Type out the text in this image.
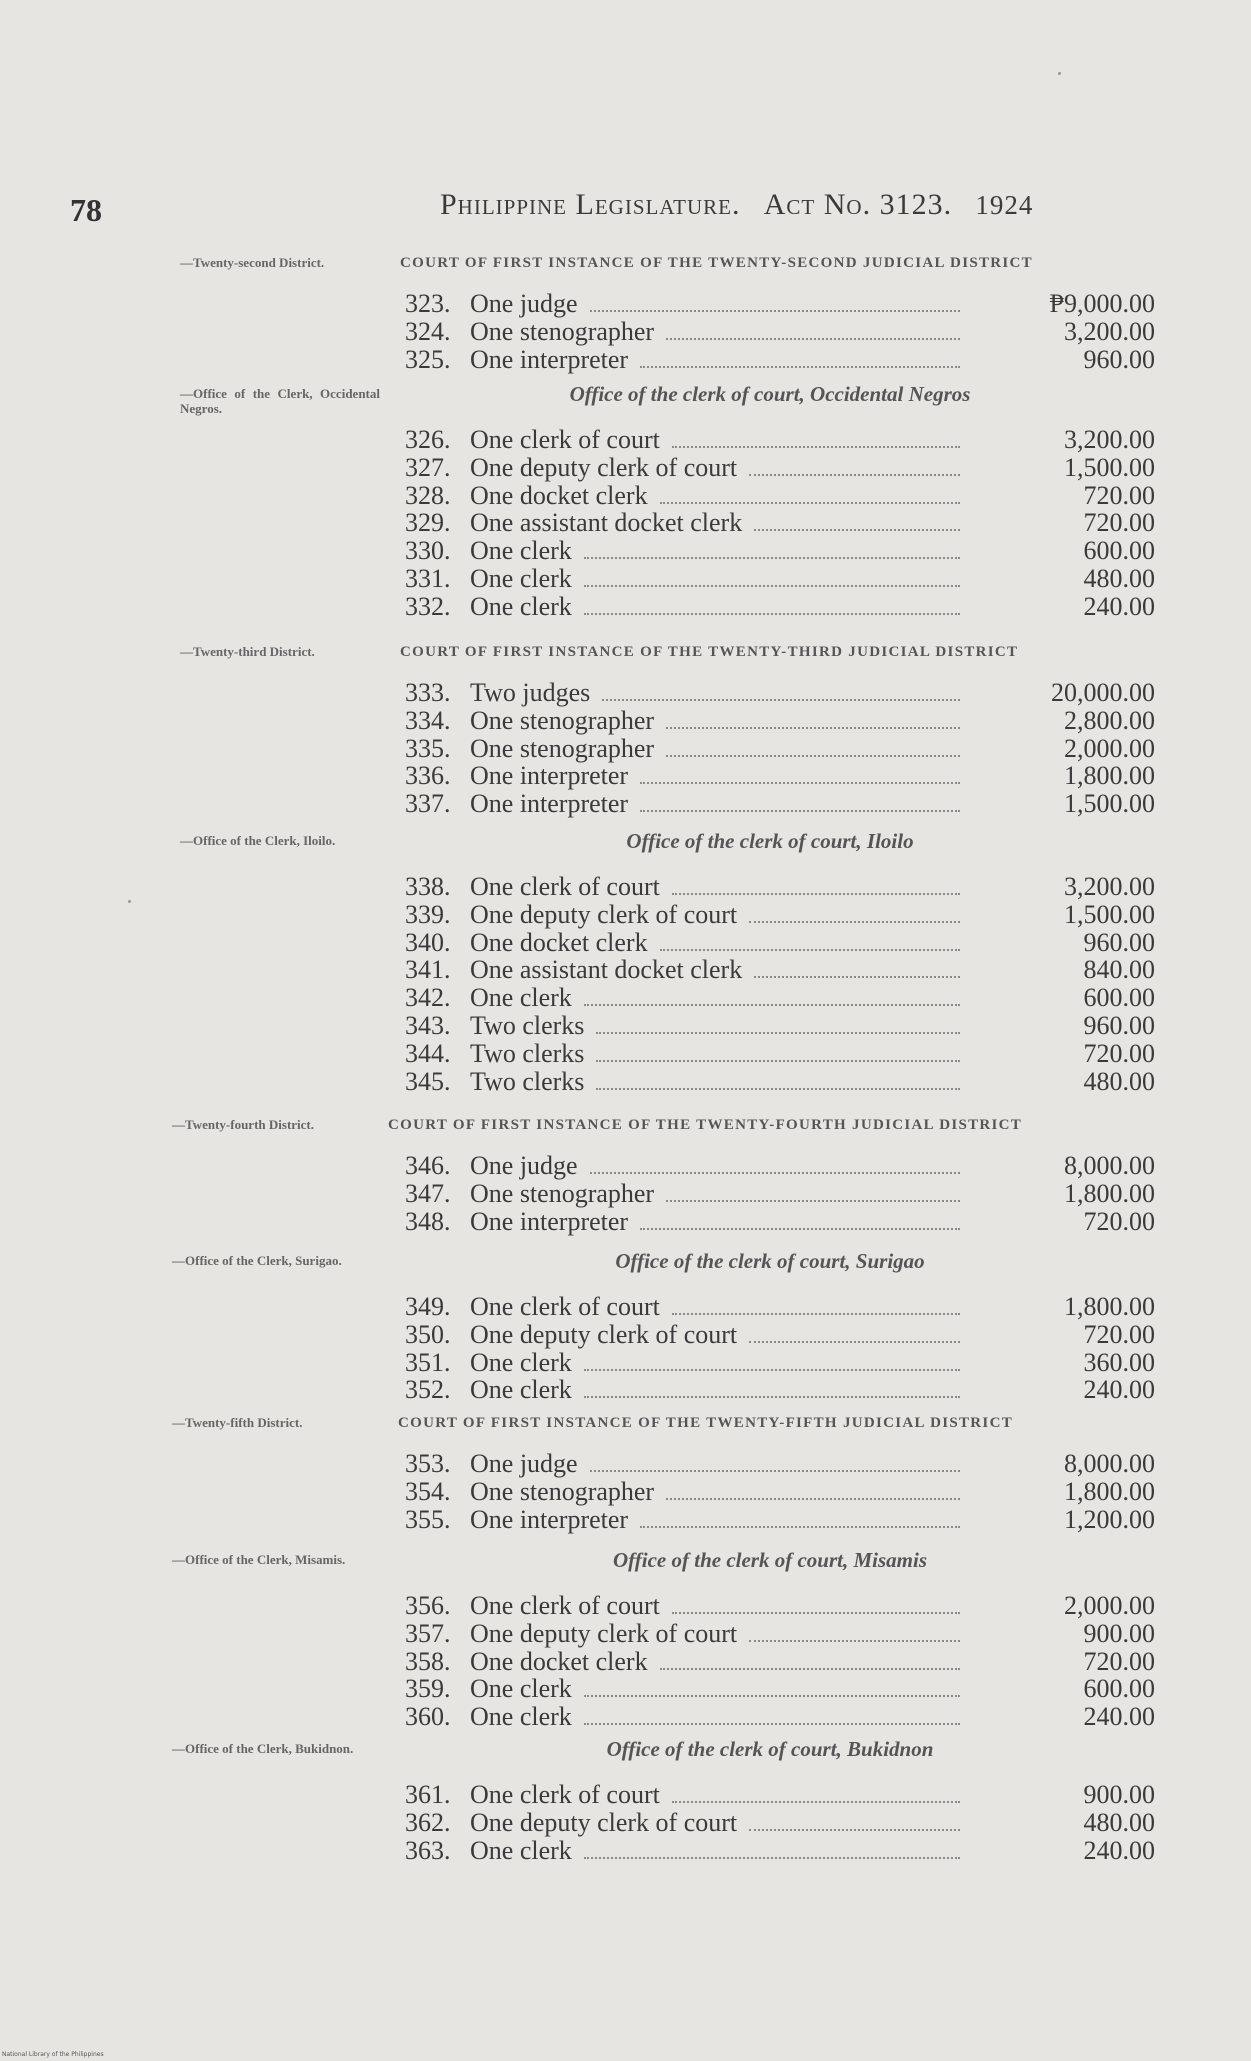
78	Philippine Legislature. Act No. 3123. 1924
—Twenty-second District.	COURT OF FIRST INSTANCE OF THE TWENTY-SECOND JUDICIAL DISTRICT
323. One judge	₱9,000.00
324. One stenographer	3,200.00
325. One interpreter	960.00
—Office of the Clerk, Occidental Negros.
Office of the clerk of court, Occidental Negros
326. One clerk of court	3,200.00
327. One deputy clerk of court	1,500.00
328. One docket clerk	720.00
329. One assistant docket clerk	720.00
330. One clerk	600.00
331. One clerk	480.00
332. One clerk	240.00
—Twenty-third District.	COURT OF FIRST INSTANCE OF THE TWENTY-THIRD JUDICIAL DISTRICT
333. Two judges	20,000.00
334. One stenographer	2,800.00
335. One stenographer	2,000.00
336. One interpreter	1,800.00
337. One interpreter	1,500.00
—Office of the Clerk, Iloilo.	Office of the clerk of court, Iloilo
338. One clerk of court	3,200.00
339. One deputy clerk of court	1,500.00
340. One docket clerk	960.00
341. One assistant docket clerk	840.00
342. One clerk	600.00
343. Two clerks	960.00
344. Two clerks	720.00
345. Two clerks	480.00
—Twenty-fourth District.	COURT OF FIRST INSTANCE OF THE TWENTY-FOURTH JUDICIAL DISTRICT
346. One judge	8,000.00
347. One stenographer	1,800.00
348. One interpreter	720.00
—Office of the Clerk, Surigao.	Office of the clerk of court, Surigao
349. One clerk of court	1,800.00
350. One deputy clerk of court	720.00
351. One clerk	360.00
352. One clerk	240.00
—Twenty-fifth District.	COURT OF FIRST INSTANCE OF THE TWENTY-FIFTH JUDICIAL DISTRICT
353. One judge	8,000.00
354. One stenographer	1,800.00
355. One interpreter	1,200.00
—Office of the Clerk, Misamis.	Office of the clerk of court, Misamis
356. One clerk of court	2,000.00
357. One deputy clerk of court	900.00
358. One docket clerk	720.00
359. One clerk	600.00
360. One clerk	240.00
—Office of the Clerk, Bukidnon.	Office of the clerk of court, Bukidnon
361. One clerk of court	900.00
362. One deputy clerk of court	480.00
363. One clerk	240.00
National Library of the Philippines
